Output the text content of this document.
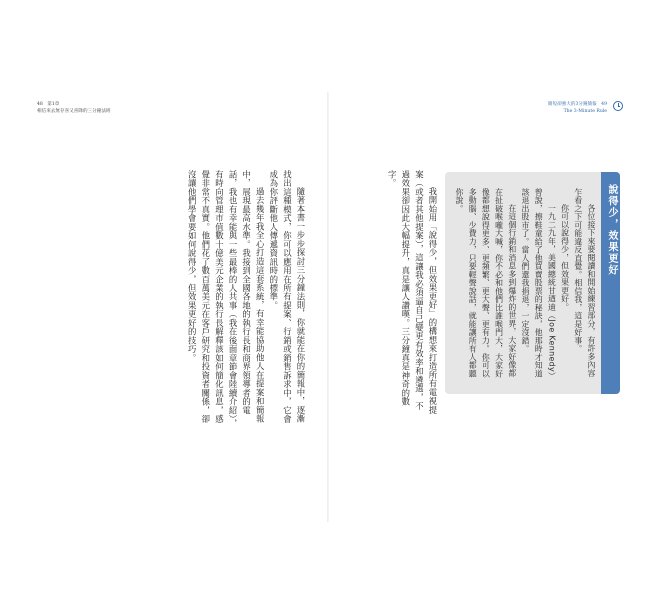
48 第1章
相信來去無存喜又喜降的三分鐘法則

隨著本書一步步探討三分鐘法則，你就能在你的簡報中，逐漸找出這種模式，你可以應用在所有提案、行銷或銷售訴求中，它會成為你評斷他人傳遞資訊時的標準。

過去幾年我全心打造這套系統，有幸能協助他人在提案和簡報中，展現最高水準。我接到全國各地的執行長和商界領導者的電話，我也有幸能與一些最棒的人共事（我在後面章節會陸續介紹），有時向管理市值數十億美元企業的執行長解釋該如何簡化訊息，感覺非常不真實。他們花了數百萬美元在客戶研究和投資者關係，卻沒讓他們學會要如何說得少，但效果更好的技巧。

簡短卻強大的3分鐘簡報 49
The 3-Minute Rule

我開始用「說得少，但效果更好」的構想來打造所有電視提案（或者其他提案），這讓我必須逼自己變更有效率和遴選，不過效果卻因此大幅提升，真是讓人讚嘆。三分鐘真是神奇的數字。

各位接下來要閱讀和開始練習部分，有許多內容乍看之下可能違反直覺。相信我，這是好事。

你可以說得少，但效果更好。

一九二九年，美國總統甘迺迪（Joe Kennedy）曾說，擦鞋童給了他買賣股票的秘訣，他那時才知道該退出股市了。當人們還我捐退，一定沒錯。

在這個行銷和消息多到爆炸的世界，大家好像都在扯破喉嚨大喊，你不必和他們比誰喉門大，大家好像都想說得更多、更頻繁、更大聲、更有力。你可以多動腦、少費力，只要輕聲說話，就能讓所有人都聽你說。	說得少，效果更好
